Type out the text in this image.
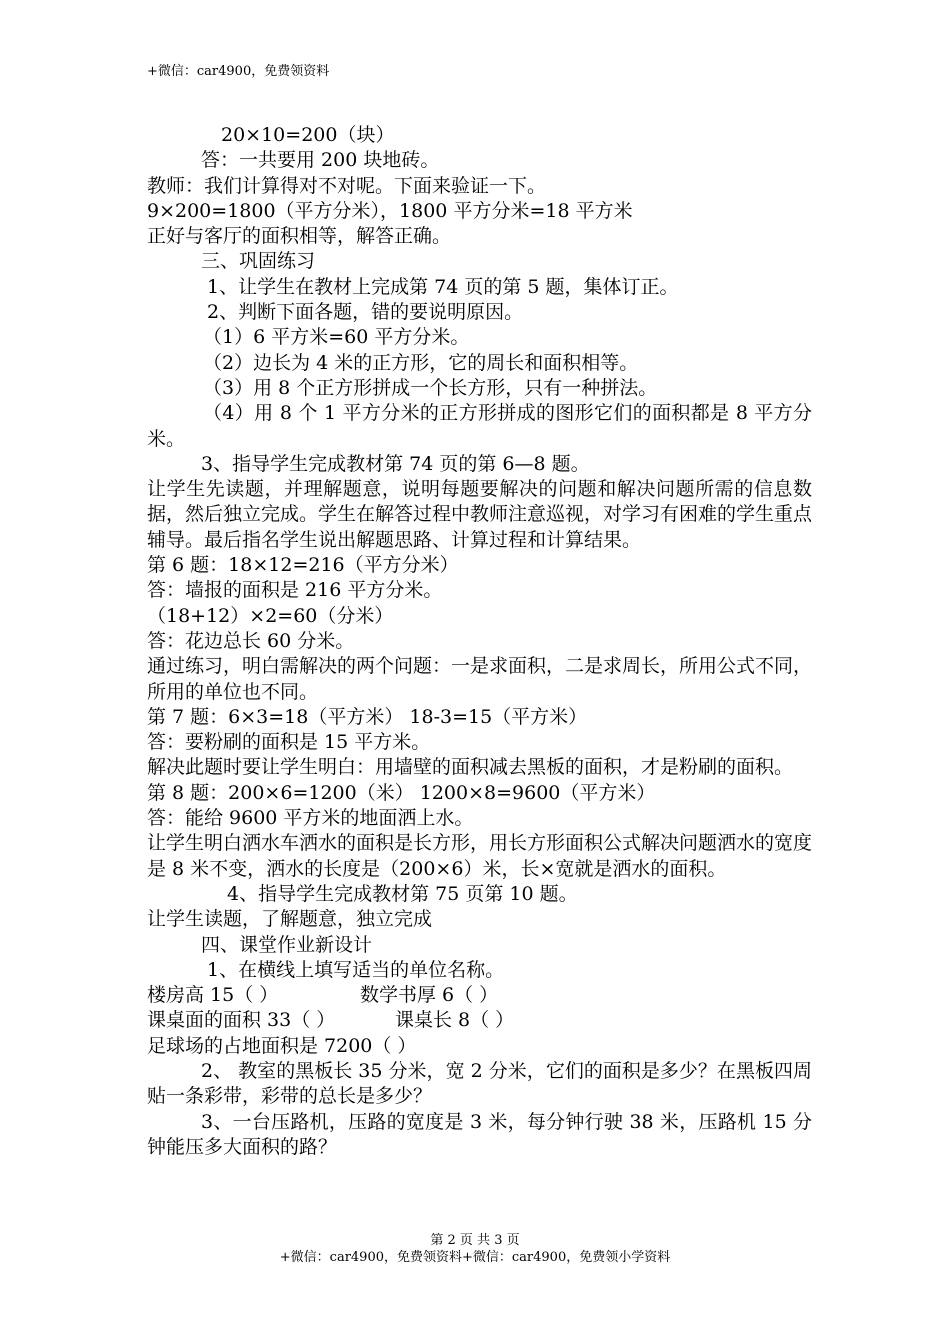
+微信：car4900，免费领资料
20×10=200（块）
答：一共要用 200 块地砖。
教师：我们计算得对不对呢。下面来验证一下。
9×200=1800（平方分米），1800 平方分米=18 平方米
正好与客厅的面积相等，解答正确。
三、巩固练习
1、让学生在教材上完成第 74 页的第 5 题，集体订正。
2、判断下面各题，错的要说明原因。
（1）6 平方米=60 平方分米。
（2）边长为 4 米的正方形，它的周长和面积相等。
（3）用 8 个正方形拼成一个长方形，只有一种拼法。
（4）用 8 个 1 平方分米的正方形拼成的图形它们的面积都是 8 平方分米。
3、指导学生完成教材第 74 页的第 6—8 题。
让学生先读题，并理解题意，说明每题要解决的问题和解决问题所需的信息数据，然后独立完成。学生在解答过程中教师注意巡视，对学习有困难的学生重点辅导。最后指名学生说出解题思路、计算过程和计算结果。
第 6 题：18×12=216（平方分米）
答：墙报的面积是 216 平方分米。
（18+12）×2=60（分米）
答：花边总长 60 分米。
通过练习，明白需解决的两个问题：一是求面积，二是求周长，所用公式不同，所用的单位也不同。
第 7 题：6×3=18（平方米） 18-3=15（平方米）
答：要粉刷的面积是 15 平方米。
解决此题时要让学生明白：用墙壁的面积减去黑板的面积，才是粉刷的面积。
第 8 题：200×6=1200（米） 1200×8=9600（平方米）
答：能给 9600 平方米的地面洒上水。
让学生明白洒水车洒水的面积是长方形，用长方形面积公式解决问题洒水的宽度是 8 米不变，洒水的长度是（200×6）米，长×宽就是洒水的面积。
4、指导学生完成教材第 75 页第 10 题。
让学生读题，了解题意，独立完成
四、课堂作业新设计
1、在横线上填写适当的单位名称。
楼房高 15（ ）	数学书厚 6（ ）
课桌面的面积 33（ ）	课桌长 8（ ）
足球场的占地面积是 7200（ ）
2、 教室的黑板长 35 分米，宽 2 分米，它们的面积是多少？在黑板四周贴一条彩带，彩带的总长是多少？
3、一台压路机，压路的宽度是 3 米，每分钟行驶 38 米，压路机 15 分钟能压多大面积的路？
第 2 页 共 3 页
+微信：car4900，免费领资料+微信：car4900，免费领小学资料
